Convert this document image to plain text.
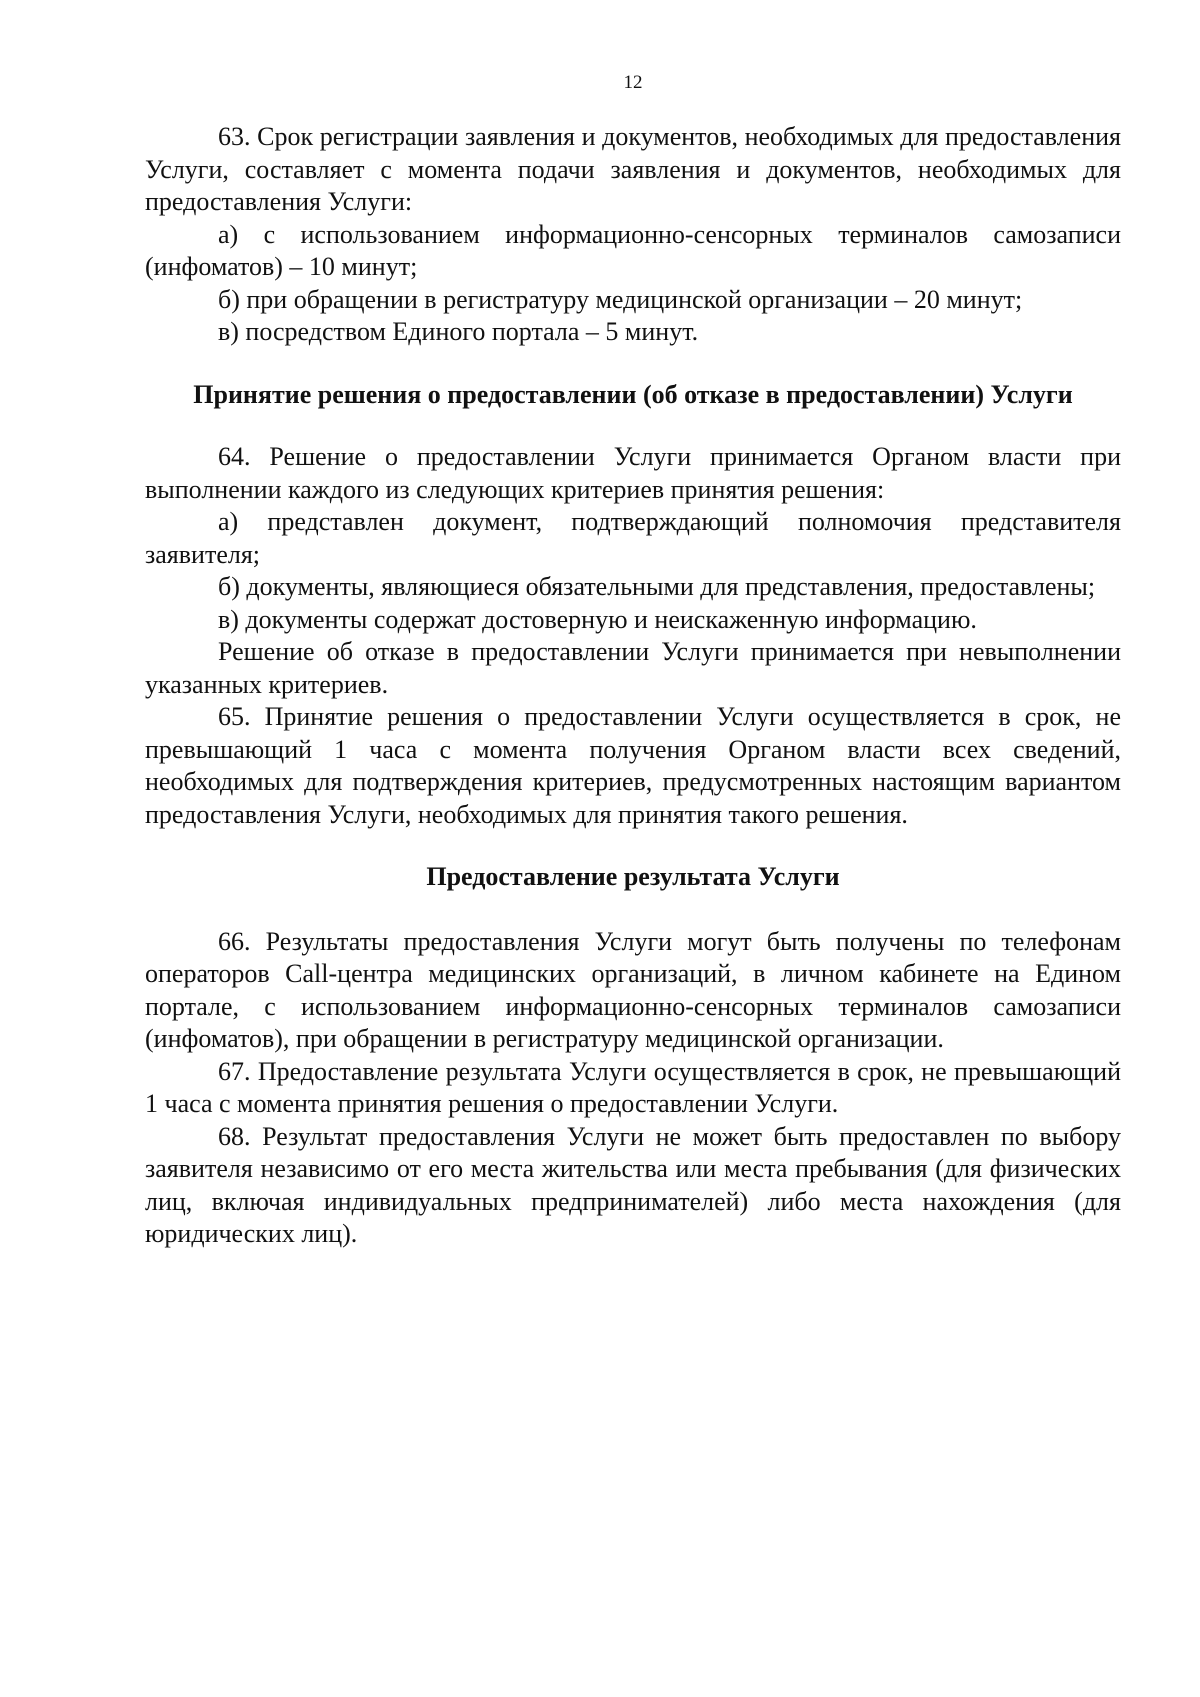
12

63. Срок регистрации заявления и документов, необходимых для предоставления Услуги, составляет с момента подачи заявления и документов, необходимых для предоставления Услуги:

а) с использованием информационно-сенсорных терминалов самозаписи (инфоматов) – 10 минут;

б) при обращении в регистратуру медицинской организации – 20 минут;

в) посредством Единого портала – 5 минут.

Принятие решения о предоставлении (об отказе в предоставлении) Услуги

64. Решение о предоставлении Услуги принимается Органом власти при выполнении каждого из следующих критериев принятия решения:

а) представлен документ, подтверждающий полномочия представителя заявителя;

б) документы, являющиеся обязательными для представления, предоставлены;

в) документы содержат достоверную и неискаженную информацию.

Решение об отказе в предоставлении Услуги принимается при невыполнении указанных критериев.

65. Принятие решения о предоставлении Услуги осуществляется в срок, не превышающий 1 часа с момента получения Органом власти всех сведений, необходимых для подтверждения критериев, предусмотренных настоящим вариантом предоставления Услуги, необходимых для принятия такого решения.

Предоставление результата Услуги

66. Результаты предоставления Услуги могут быть получены по телефонам операторов Call-центра медицинских организаций, в личном кабинете на Едином портале, с использованием информационно-сенсорных терминалов самозаписи (инфоматов), при обращении в регистратуру медицинской организации.

67. Предоставление результата Услуги осуществляется в срок, не превышающий 1 часа с момента принятия решения о предоставлении Услуги.

68. Результат предоставления Услуги не может быть предоставлен по выбору заявителя независимо от его места жительства или места пребывания (для физических лиц, включая индивидуальных предпринимателей) либо места нахождения (для юридических лиц).
